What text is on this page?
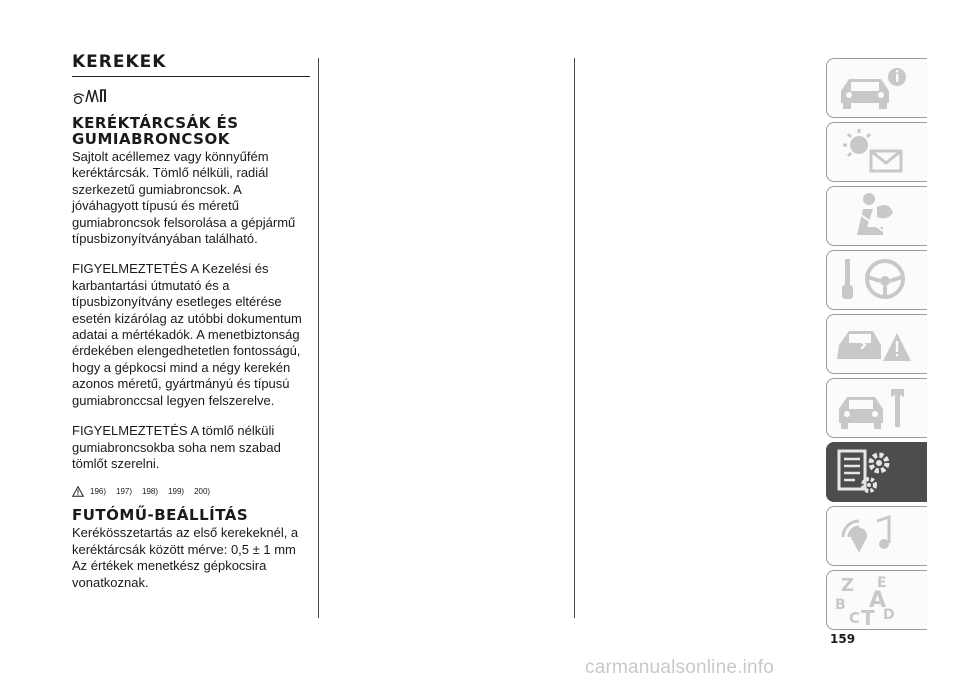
KEREKEK
KERÉKTÁRCSÁK ÉS GUMIABRONCSOK

Sajtolt acéllemez vagy könnyűfém keréktárcsák. Tömlő nélküli, radiál szerkezetű gumiabroncsok. A jóváhagyott típusú és méretű gumiabroncsok felsorolása a gépjármű típusbizonyítványában található.

FIGYELMEZTETÉS A Kezelési és karbantartási útmutató és a típusbizonyítvány esetleges eltérése esetén kizárólag az utóbbi dokumentum adatai a mértékadók. A menetbiztonság érdekében elengedhetetlen fontosságú, hogy a gépkocsi mind a négy kerekén azonos méretű, gyártmányú és típusú gumiabronccsal legyen felszerelve.

FIGYELMEZTETÉS A tömlő nélküli gumiabroncsokba soha nem szabad tömlőt szerelni.

196) 197) 198) 199) 200)
FUTÓMŰ-BEÁLLÍTÁS

Kerékösszetartás az első kerekeknél, a keréktárcsák között mérve: 0,5 ± 1 mm Az értékek menetkész gépkocsira vonatkoznak.

159
carmanualsonline.info
Z E
B A
C T D
